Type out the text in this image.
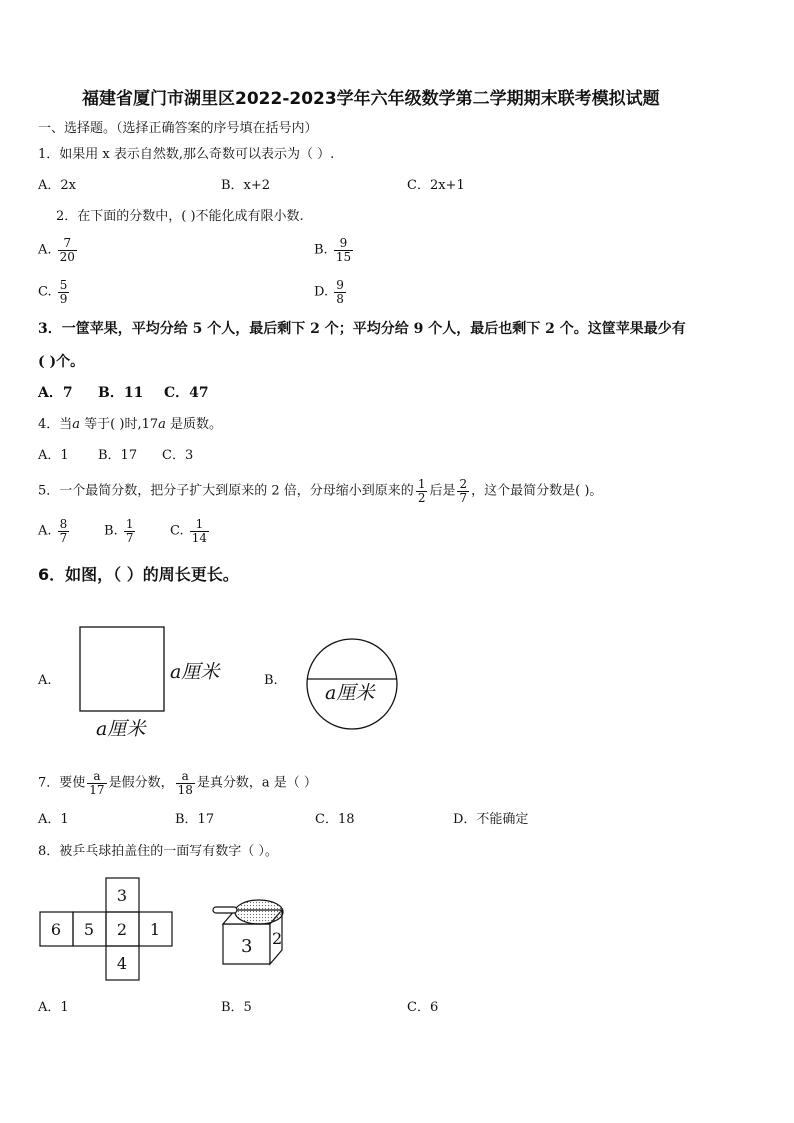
福建省厦门市湖里区2022-2023学年六年级数学第二学期期末联考模拟试题
一、选择题。（选择正确答案的序号填在括号内）
1．如果用 x 表示自然数,那么奇数可以表示为（ ）.
A．2x	B．x+2	C．2x+1
2．在下面的分数中，( )不能化成有限小数.
A. $\frac{7}{20}$	B. $\frac{9}{15}$
C. $\frac{5}{9}$	D. $\frac{9}{8}$
3．一筐苹果，平均分给 5 个人，最后剩下 2 个；平均分给 9 个人，最后也剩下 2 个。这筐苹果最少有
( )个。
A．7 B．11 C．47
4．当a 等于( )时,17a 是质数。
A．1 B．17 C．3
5．一个最简分数，把分子扩大到原来的 2 倍，分母缩小到原来的 $\frac{1}{2}$ 后是 $\frac{2}{7}$ ，这个最简分数是( )。
A. $\frac{8}{7}$	B. $\frac{1}{7}$	C. $\frac{1}{14}$
6．如图，（ ）的周长更长。
A.	a厘米
a厘米
B.
a厘米
7．要使 $\frac{a}{17}$ 是假分数， $\frac{a}{18}$ 是真分数，a 是（ ）
A．1	B．17	C．18	D．不能确定
8．被乒乓球拍盖住的一面写有数字（ ）。
3
6 5 2 1
4
3 2
A．1	B．5	C．6
